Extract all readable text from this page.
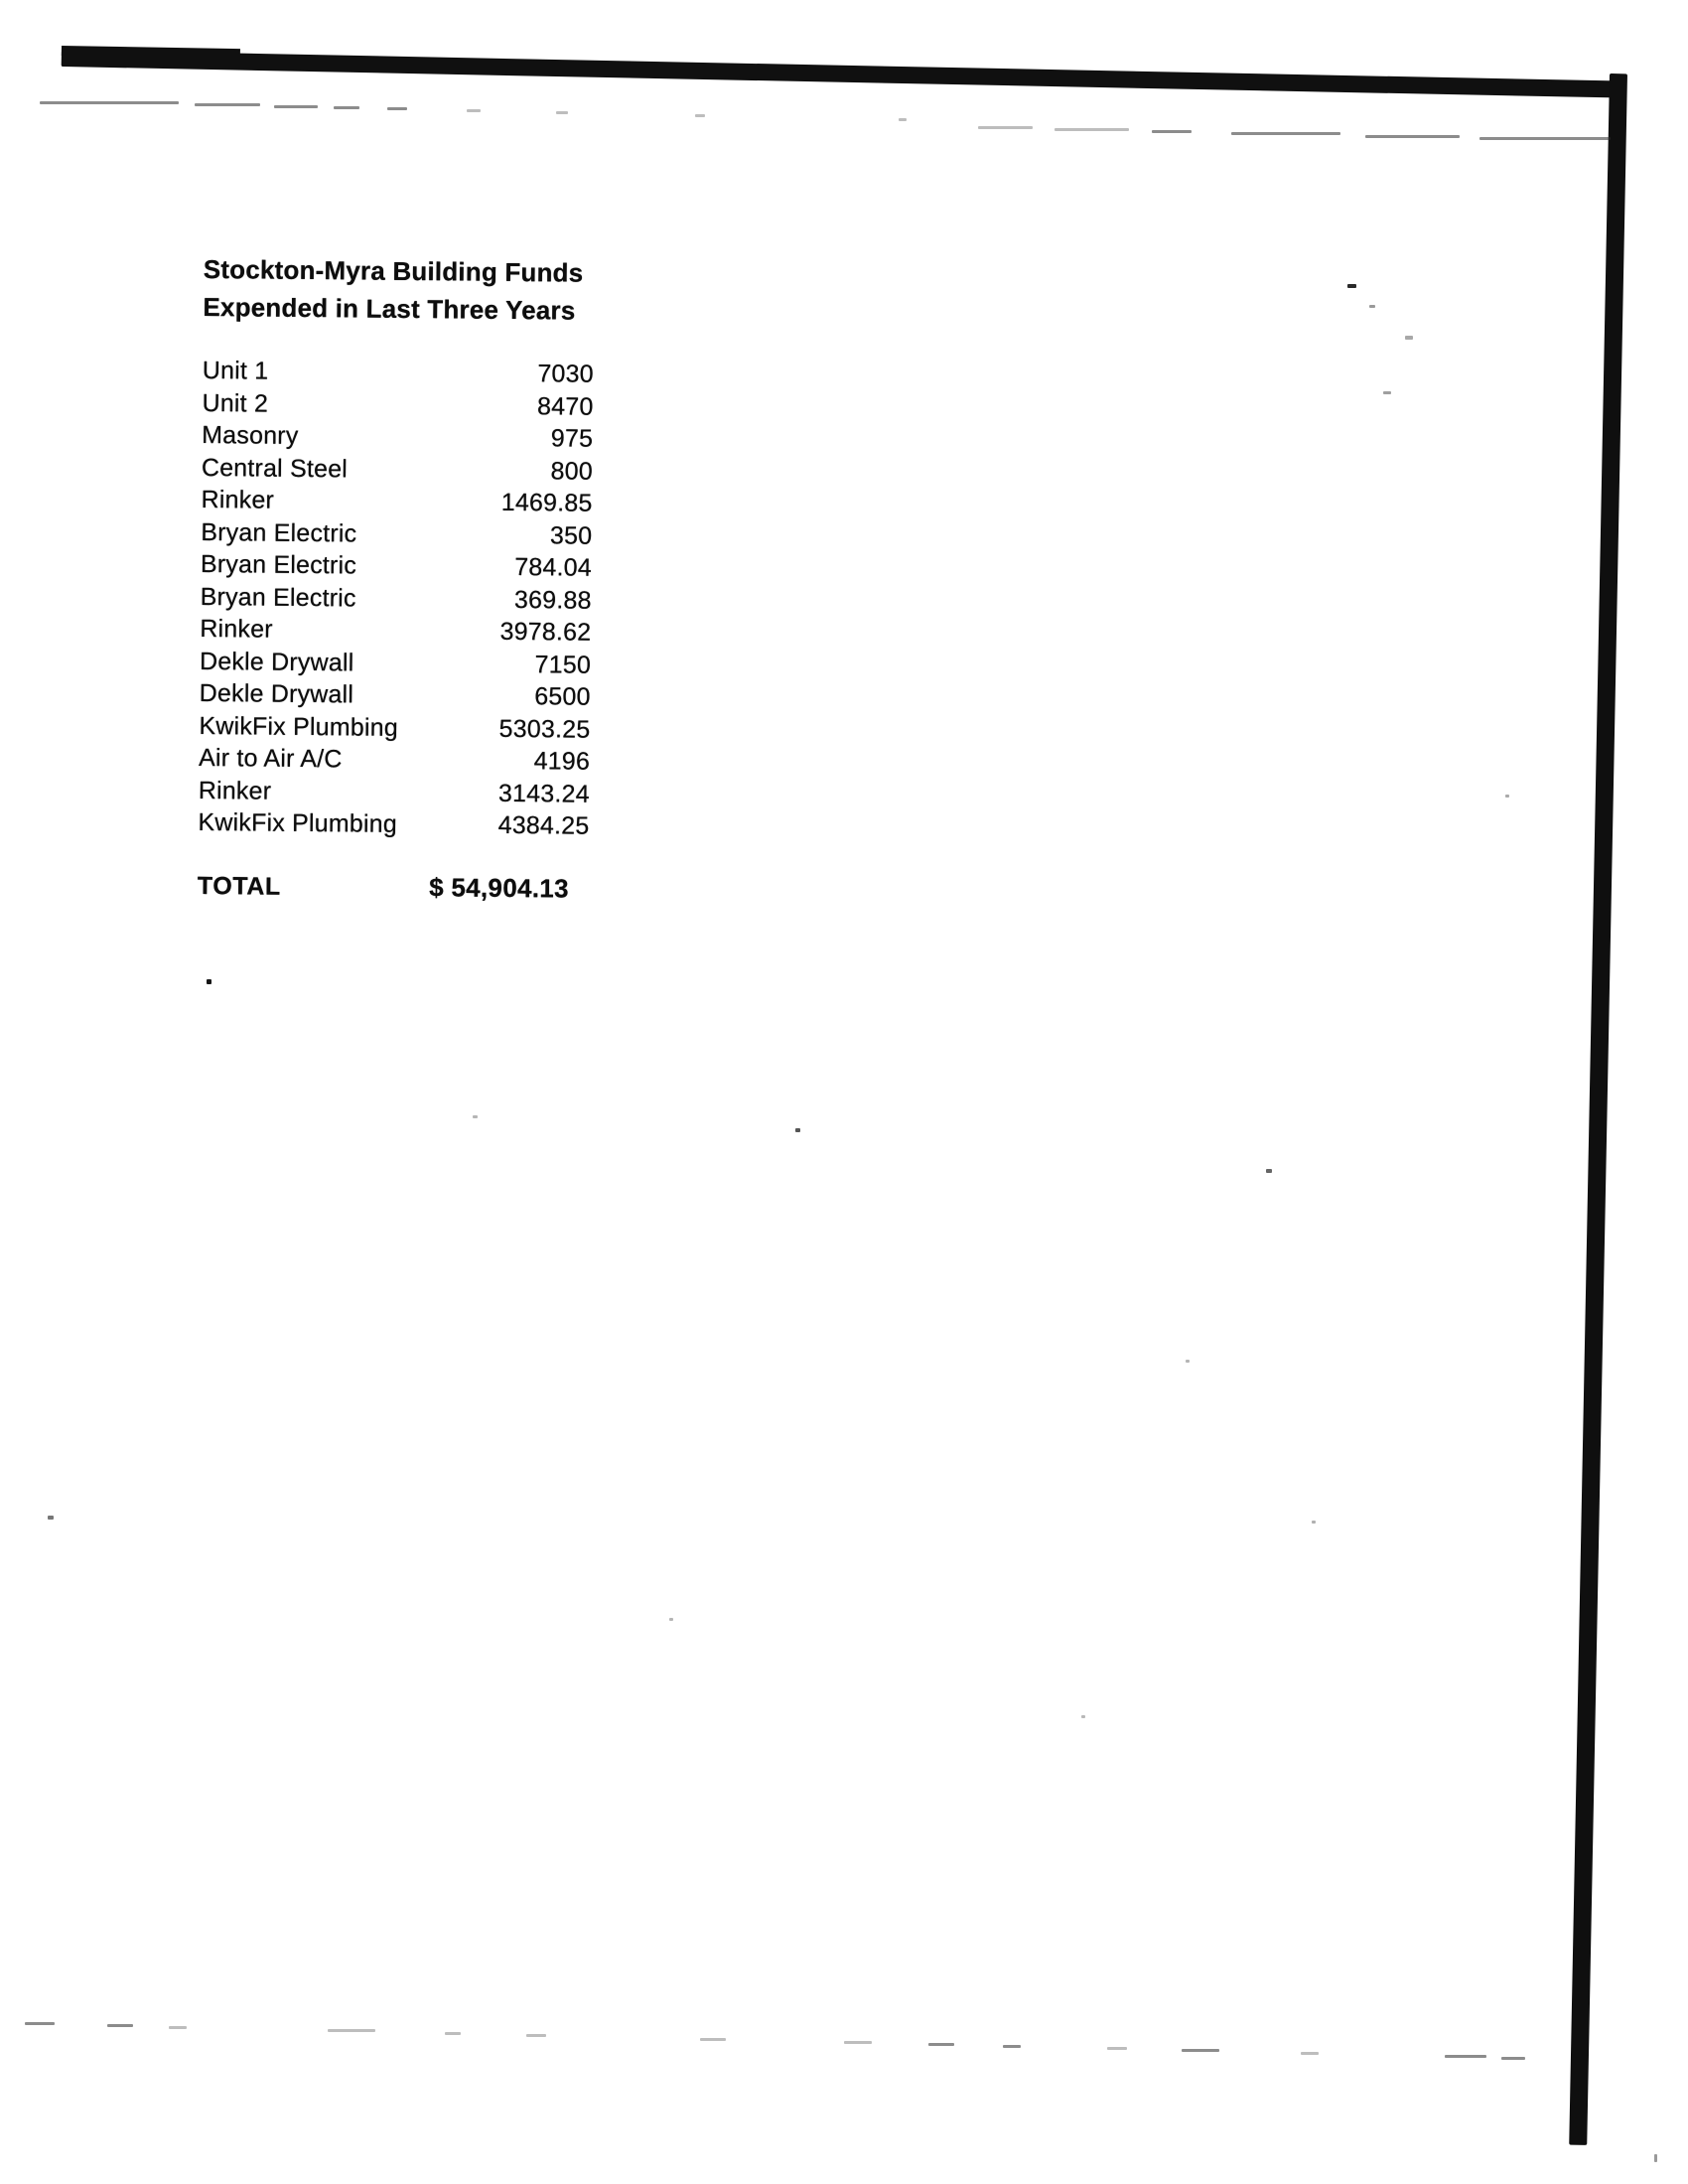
Stockton-Myra Building Funds
Expended in Last Three Years
Unit 1	7030
Unit 2	8470
Masonry	975
Central Steel	800
Rinker	1469.85
Bryan Electric	350
Bryan Electric	784.04
Bryan Electric	369.88
Rinker	3978.62
Dekle Drywall	7150
Dekle Drywall	6500
KwikFix Plumbing	5303.25
Air to Air A/C	4196
Rinker	3143.24
KwikFix Plumbing	4384.25
TOTAL	$ 54,904.13
